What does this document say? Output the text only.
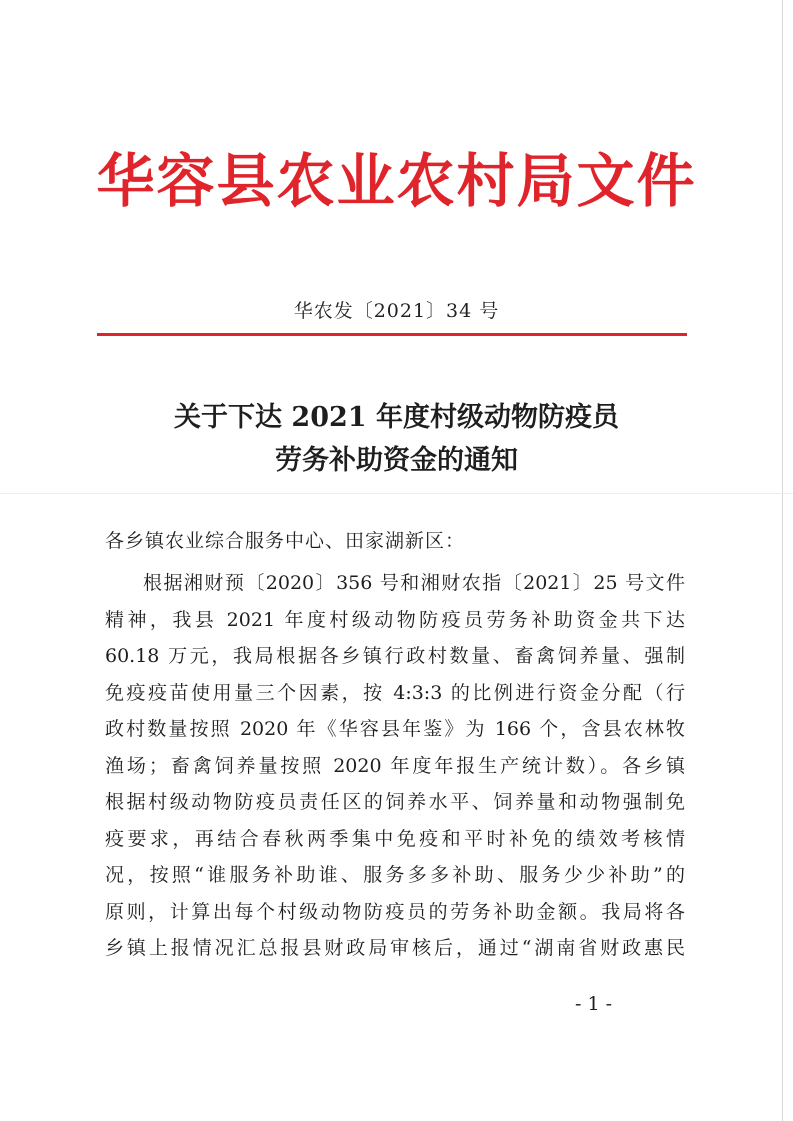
华容县农业农村局文件
华农发〔2021〕34 号
关于下达 2021 年度村级动物防疫员
劳务补助资金的通知
各乡镇农业综合服务中心、田家湖新区：
根据湘财预〔2020〕356 号和湘财农指〔2021〕25 号文件
精神，我县 2021 年度村级动物防疫员劳务补助资金共下达
60.18 万元，我局根据各乡镇行政村数量、畜禽饲养量、强制
免疫疫苗使用量三个因素，按 4:3:3 的比例进行资金分配（行
政村数量按照 2020 年《华容县年鉴》为 166 个，含县农林牧
渔场；畜禽饲养量按照 2020 年度年报生产统计数）。各乡镇
根据村级动物防疫员责任区的饲养水平、饲养量和动物强制免
疫要求，再结合春秋两季集中免疫和平时补免的绩效考核情
况，按照“谁服务补助谁、服务多多补助、服务少少补助”的
原则，计算出每个村级动物防疫员的劳务补助金额。我局将各
乡镇上报情况汇总报县财政局审核后，通过“湖南省财政惠民
- 1 -
